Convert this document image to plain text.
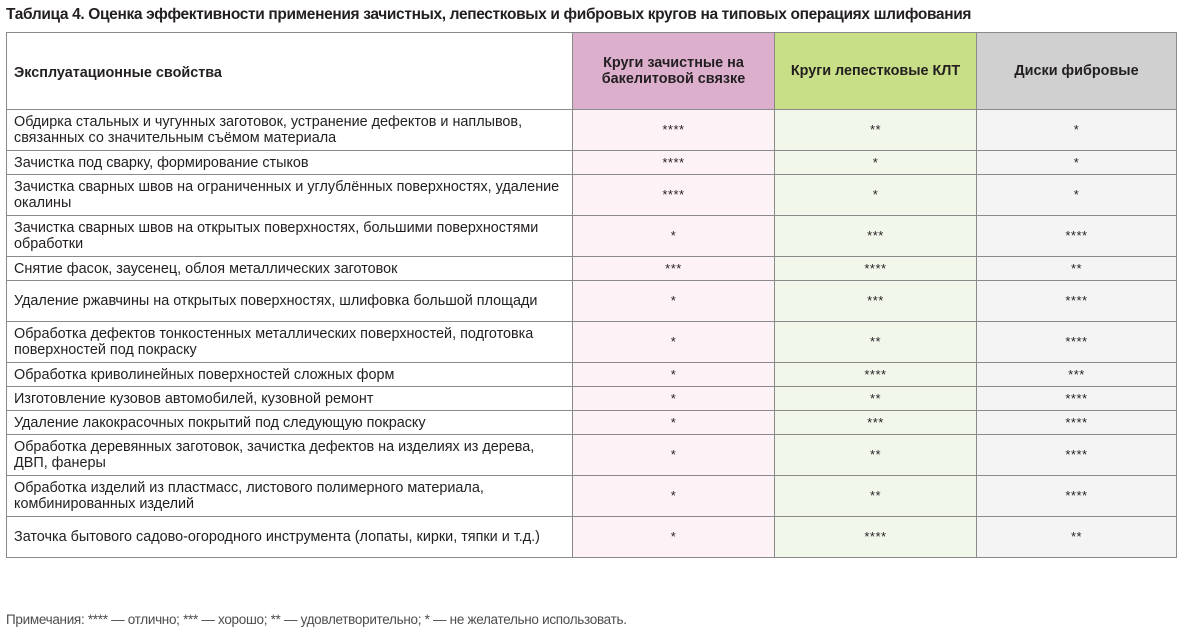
Таблица 4. Оценка эффективности применения зачистных, лепестковых и фибровых кругов на типовых операциях шлифования
Эксплуатационные свойства	Круги зачистные на бакелитовой связке	Круги лепестковые КЛТ	Диски фибровые
Обдирка стальных и чугунных заготовок, устранение дефектов и наплывов, связанных со значительным съёмом материала	****	**	*
Зачистка под сварку, формирование стыков	****	*	*
Зачистка сварных швов на ограниченных и углублённых поверхностях, удаление окалины	****	*	*
Зачистка сварных швов на открытых поверхностях, большими поверхностями обработки	*	***	****
Снятие фасок, заусенец, облоя металлических заготовок	***	****	**
Удаление ржавчины на открытых поверхностях, шлифовка большой площади	*	***	****
Обработка дефектов тонкостенных металлических поверхностей, подготовка поверхностей под покраску	*	**	****
Обработка криволинейных поверхностей сложных форм	*	****	***
Изготовление кузовов автомобилей, кузовной ремонт	*	**	****
Удаление лакокрасочных покрытий под следующую покраску	*	***	****
Обработка деревянных заготовок, зачистка дефектов на изделиях из дерева, ДВП, фанеры	*	**	****
Обработка изделий из пластмасс, листового полимерного материала, комбинированных изделий	*	**	****
Заточка бытового садово-огородного инструмента (лопаты, кирки, тяпки и т.д.)	*	****	**
Примечания: **** — отлично; *** — хорошо; ** — удовлетворительно; * — не желательно использовать.
